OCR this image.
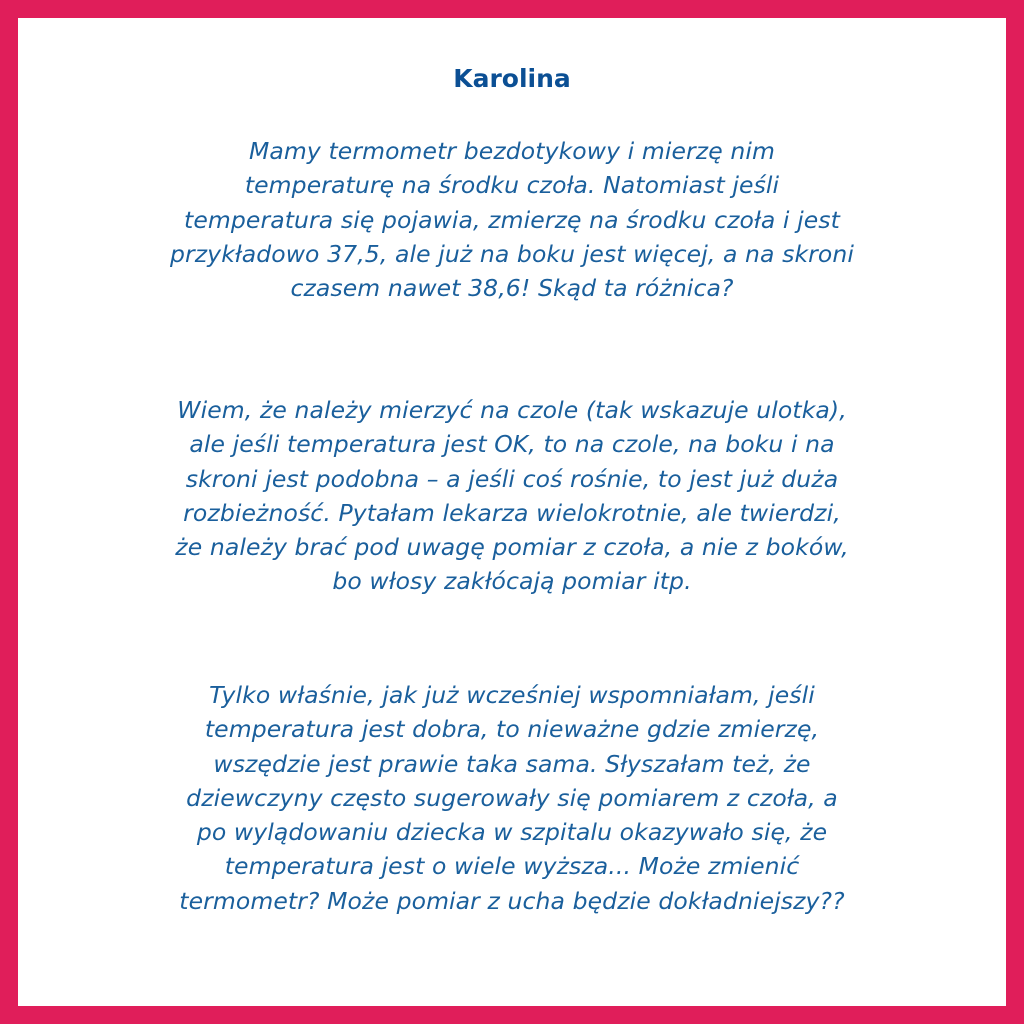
Karolina

Mamy termometr bezdotykowy i mierzę nim
temperaturę na środku czoła. Natomiast jeśli
temperatura się pojawia, zmierzę na środku czoła i jest
przykładowo 37,5, ale już na boku jest więcej, a na skroni
czasem nawet 38,6! Skąd ta różnica?

Wiem, że należy mierzyć na czole (tak wskazuje ulotka),
ale jeśli temperatura jest OK, to na czole, na boku i na
skroni jest podobna – a jeśli coś rośnie, to jest już duża
rozbieżność. Pytałam lekarza wielokrotnie, ale twierdzi,
że należy brać pod uwagę pomiar z czoła, a nie z boków,
bo włosy zakłócają pomiar itp.

Tylko właśnie, jak już wcześniej wspomniałam, jeśli
temperatura jest dobra, to nieważne gdzie zmierzę,
wszędzie jest prawie taka sama. Słyszałam też, że
dziewczyny często sugerowały się pomiarem z czoła, a
po wylądowaniu dziecka w szpitalu okazywało się, że
temperatura jest o wiele wyższa... Może zmienić
termometr? Może pomiar z ucha będzie dokładniejszy??
